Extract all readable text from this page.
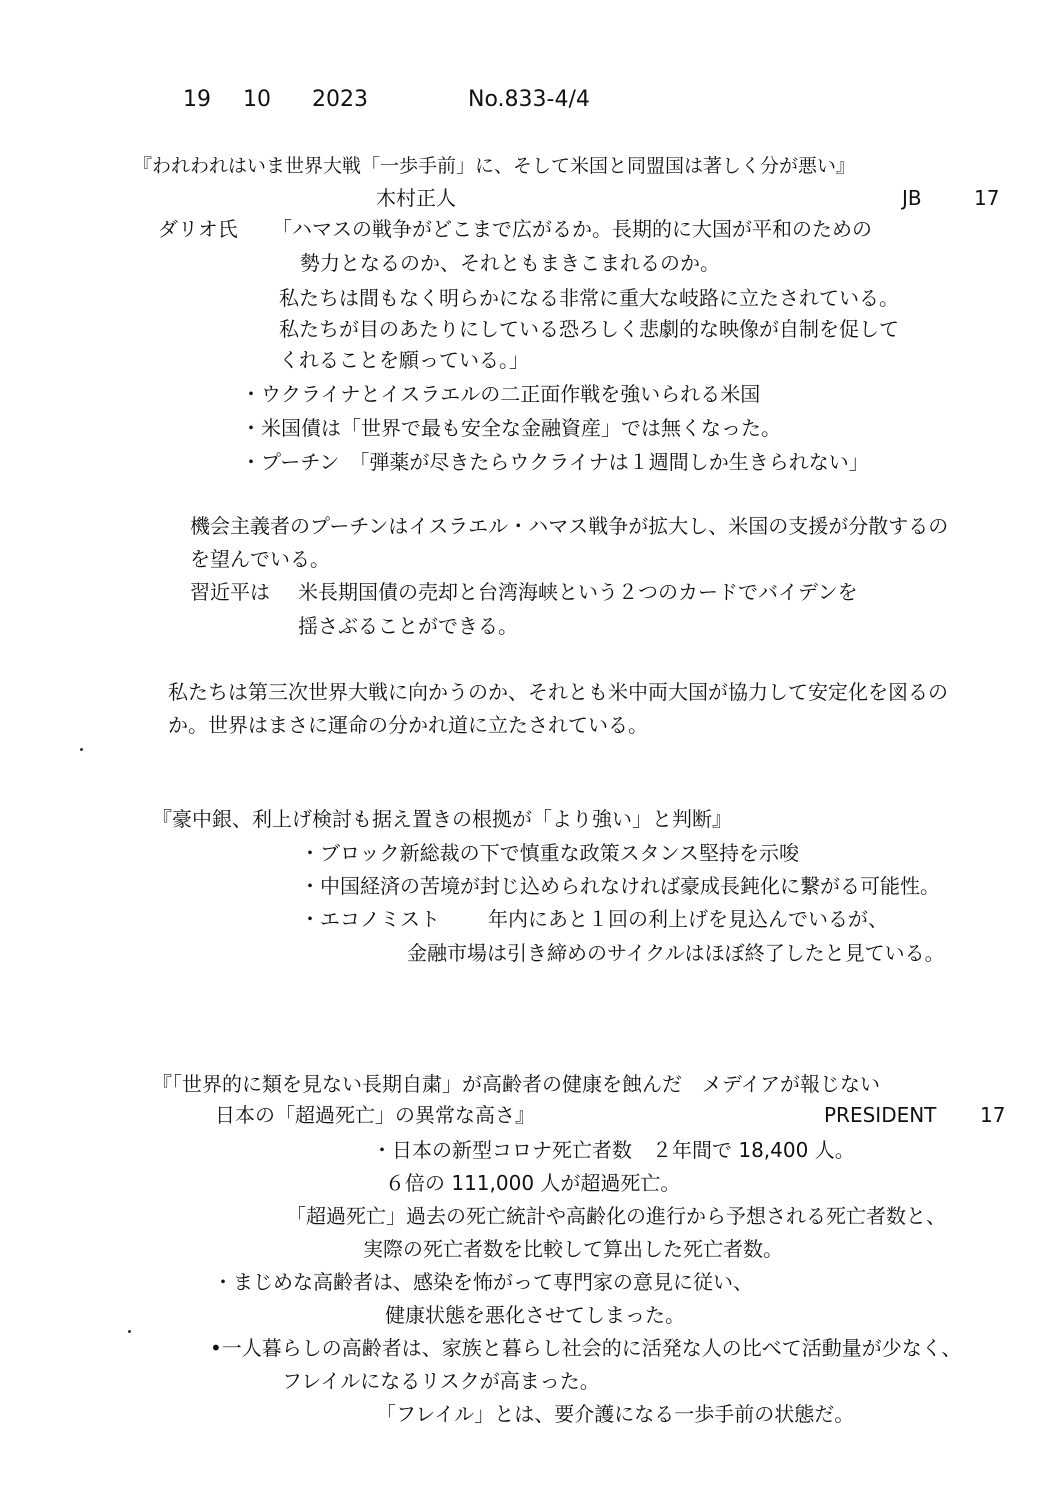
19 10 2023	No.833-4/4
『われわれはいま世界大戦「一歩手前」に、そして米国と同盟国は著しく分が悪い』
木村正人	JB	17
ダリオ氏 「ハマスの戦争がどこまで広がるか。長期的に大国が平和のための
勢力となるのか、それともまきこまれるのか。
私たちは間もなく明らかになる非常に重大な岐路に立たされている。
私たちが目のあたりにしている恐ろしく悲劇的な映像が自制を促して
くれることを願っている。」
・ウクライナとイスラエルの二正面作戦を強いられる米国
・米国債は「世界で最も安全な金融資産」では無くなった。
・プーチン　「弾薬が尽きたらウクライナは１週間しか生きられない」
機会主義者のプーチンはイスラエル・ハマス戦争が拡大し、米国の支援が分散するの
を望んでいる。
習近平は 米長期国債の売却と台湾海峡という２つのカードでバイデンを
揺さぶることができる。
私たちは第三次世界大戦に向かうのか、それとも米中両大国が協力して安定化を図るの
か。世界はまさに運命の分かれ道に立たされている。
『豪中銀、利上げ検討も据え置きの根拠が「より強い」と判断』
・ブロック新総裁の下で慎重な政策スタンス堅持を示唆
・中国経済の苦境が封じ込められなければ豪成長鈍化に繋がる可能性。
・エコノミスト 年内にあと１回の利上げを見込んでいるが、
金融市場は引き締めのサイクルはほぼ終了したと見ている。
『「世界的に類を見ない長期自粛」が高齢者の健康を蝕んだ　メデイアが報じない
日本の「超過死亡」の異常な高さ』	PRESIDENT 17
・日本の新型コロナ死亡者数　２年間で 18,400 人。
６倍の 111,000 人が超過死亡。
「超過死亡」過去の死亡統計や高齢化の進行から予想される死亡者数と、
実際の死亡者数を比較して算出した死亡者数。
・まじめな高齢者は、感染を怖がって専門家の意見に従い、
健康状態を悪化させてしまった。
•一人暮らしの高齢者は、家族と暮らし社会的に活発な人の比べて活動量が少なく、
フレイルになるリスクが高まった。
「フレイル」とは、要介護になる一歩手前の状態だ。
